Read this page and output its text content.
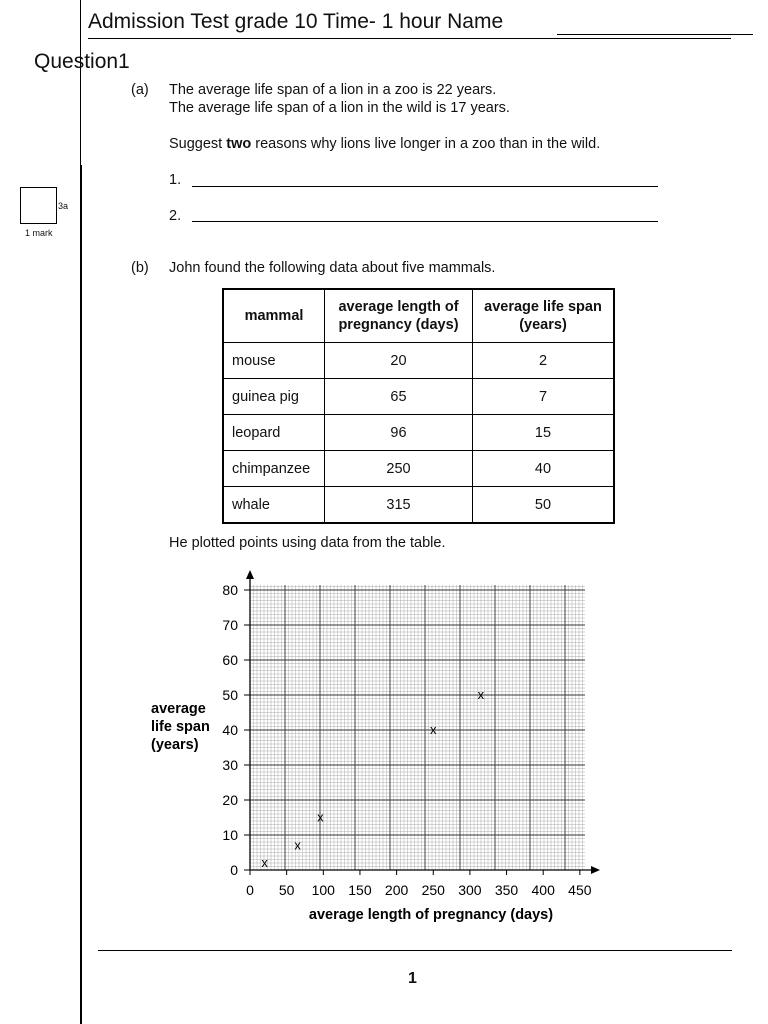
Admission Test grade 10 Time- 1 hour Name
Question1
(a) The average life span of a lion in a zoo is 22 years.
The average life span of a lion in the wild is 17 years.
Suggest two reasons why lions live longer in a zoo than in the wild.
1.
2.
3a
1 mark
(b) John found the following data about five mammals.
mammal	average length of pregnancy (days)	average life span (years)

mouse	20	2
guinea pig	65	7
leopard	96	15
chimpanzee	250	40
whale	315	50
He plotted points using data from the table.
0
10
20
30
40
50
60
70
80
0 50 100 150 200 250 300 350 400 450
x
x
x
x
x
average length of pregnancy (days)
average
life span
(years)
1
